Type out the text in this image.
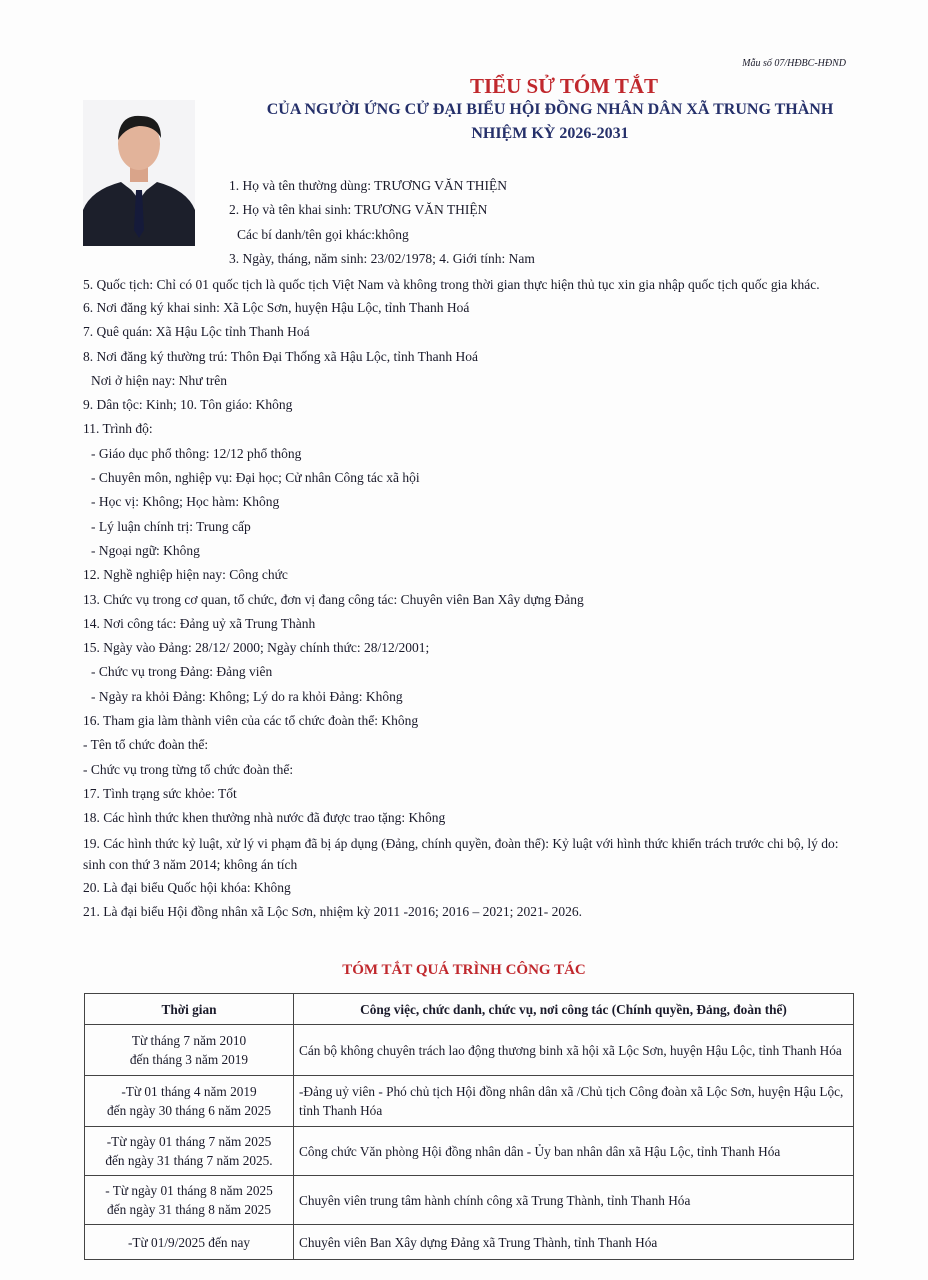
Mẫu số 07/HĐBC-HĐND
TIỂU SỬ TÓM TẮT
CỦA NGƯỜI ỨNG CỬ ĐẠI BIỂU HỘI ĐỒNG NHÂN DÂN XÃ TRUNG THÀNH
NHIỆM KỲ 2026-2031
1. Họ và tên thường dùng: TRƯƠNG VĂN THIỆN
2. Họ và tên khai sinh: TRƯƠNG VĂN THIỆN
Các bí danh/tên gọi khác:không
3. Ngày, tháng, năm sinh: 23/02/1978; 4. Giới tính: Nam
5. Quốc tịch: Chỉ có 01 quốc tịch là quốc tịch Việt Nam và không trong thời gian thực hiện thủ tục xin gia nhập quốc tịch quốc gia khác.
6. Nơi đăng ký khai sinh: Xã Lộc Sơn, huyện Hậu Lộc, tỉnh Thanh Hoá
7. Quê quán: Xã Hậu Lộc tỉnh Thanh Hoá
8. Nơi đăng ký thường trú: Thôn Đại Thống xã Hậu Lộc, tỉnh Thanh Hoá
Nơi ở hiện nay: Như trên
9. Dân tộc: Kinh; 10. Tôn giáo: Không
11. Trình độ:
- Giáo dục phổ thông: 12/12 phổ thông
- Chuyên môn, nghiệp vụ: Đại học; Cử nhân Công tác xã hội
- Học vị: Không; Học hàm: Không
- Lý luận chính trị: Trung cấp
- Ngoại ngữ: Không
12. Nghề nghiệp hiện nay: Công chức
13. Chức vụ trong cơ quan, tổ chức, đơn vị đang công tác: Chuyên viên Ban Xây dựng Đảng
14. Nơi công tác: Đảng uỷ xã Trung Thành
15. Ngày vào Đảng: 28/12/ 2000; Ngày chính thức: 28/12/2001;
- Chức vụ trong Đảng: Đảng viên
- Ngày ra khỏi Đảng: Không; Lý do ra khỏi Đảng: Không
16. Tham gia làm thành viên của các tổ chức đoàn thể: Không
- Tên tổ chức đoàn thể:
- Chức vụ trong từng tổ chức đoàn thể:
17. Tình trạng sức khỏe: Tốt
18. Các hình thức khen thưởng nhà nước đã được trao tặng: Không
19. Các hình thức kỷ luật, xử lý vi phạm đã bị áp dụng (Đảng, chính quyền, đoàn thể): Kỷ luật với hình thức khiển trách trước chi bộ, lý do: sinh con thứ 3 năm 2014; không án tích
20. Là đại biểu Quốc hội khóa: Không
21. Là đại biểu Hội đồng nhân xã Lộc Sơn, nhiệm kỳ 2011 -2016; 2016 – 2021; 2021- 2026.
TÓM TẮT QUÁ TRÌNH CÔNG TÁC
Thời gian	Công việc, chức danh, chức vụ, nơi công tác (Chính quyền, Đảng, đoàn thể)
Từ tháng 7 năm 2010
đến tháng 3 năm 2019	Cán bộ không chuyên trách lao động thương binh xã hội xã Lộc Sơn, huyện Hậu Lộc, tỉnh Thanh Hóa
-Từ 01 tháng 4 năm 2019
đến ngày 30 tháng 6 năm 2025	-Đảng uỷ viên - Phó chủ tịch Hội đồng nhân dân xã /Chủ tịch Công đoàn xã Lộc Sơn, huyện Hậu Lộc, tỉnh Thanh Hóa
-Từ ngày 01 tháng 7 năm 2025
đến ngày 31 tháng 7 năm 2025.	Công chức Văn phòng Hội đồng nhân dân - Ủy ban nhân dân xã Hậu Lộc, tỉnh Thanh Hóa
- Từ ngày 01 tháng 8 năm 2025
đến ngày 31 tháng 8 năm 2025	Chuyên viên trung tâm hành chính công xã Trung Thành, tỉnh Thanh Hóa
-Từ 01/9/2025 đến nay	Chuyên viên Ban Xây dựng Đảng xã Trung Thành, tỉnh Thanh Hóa
